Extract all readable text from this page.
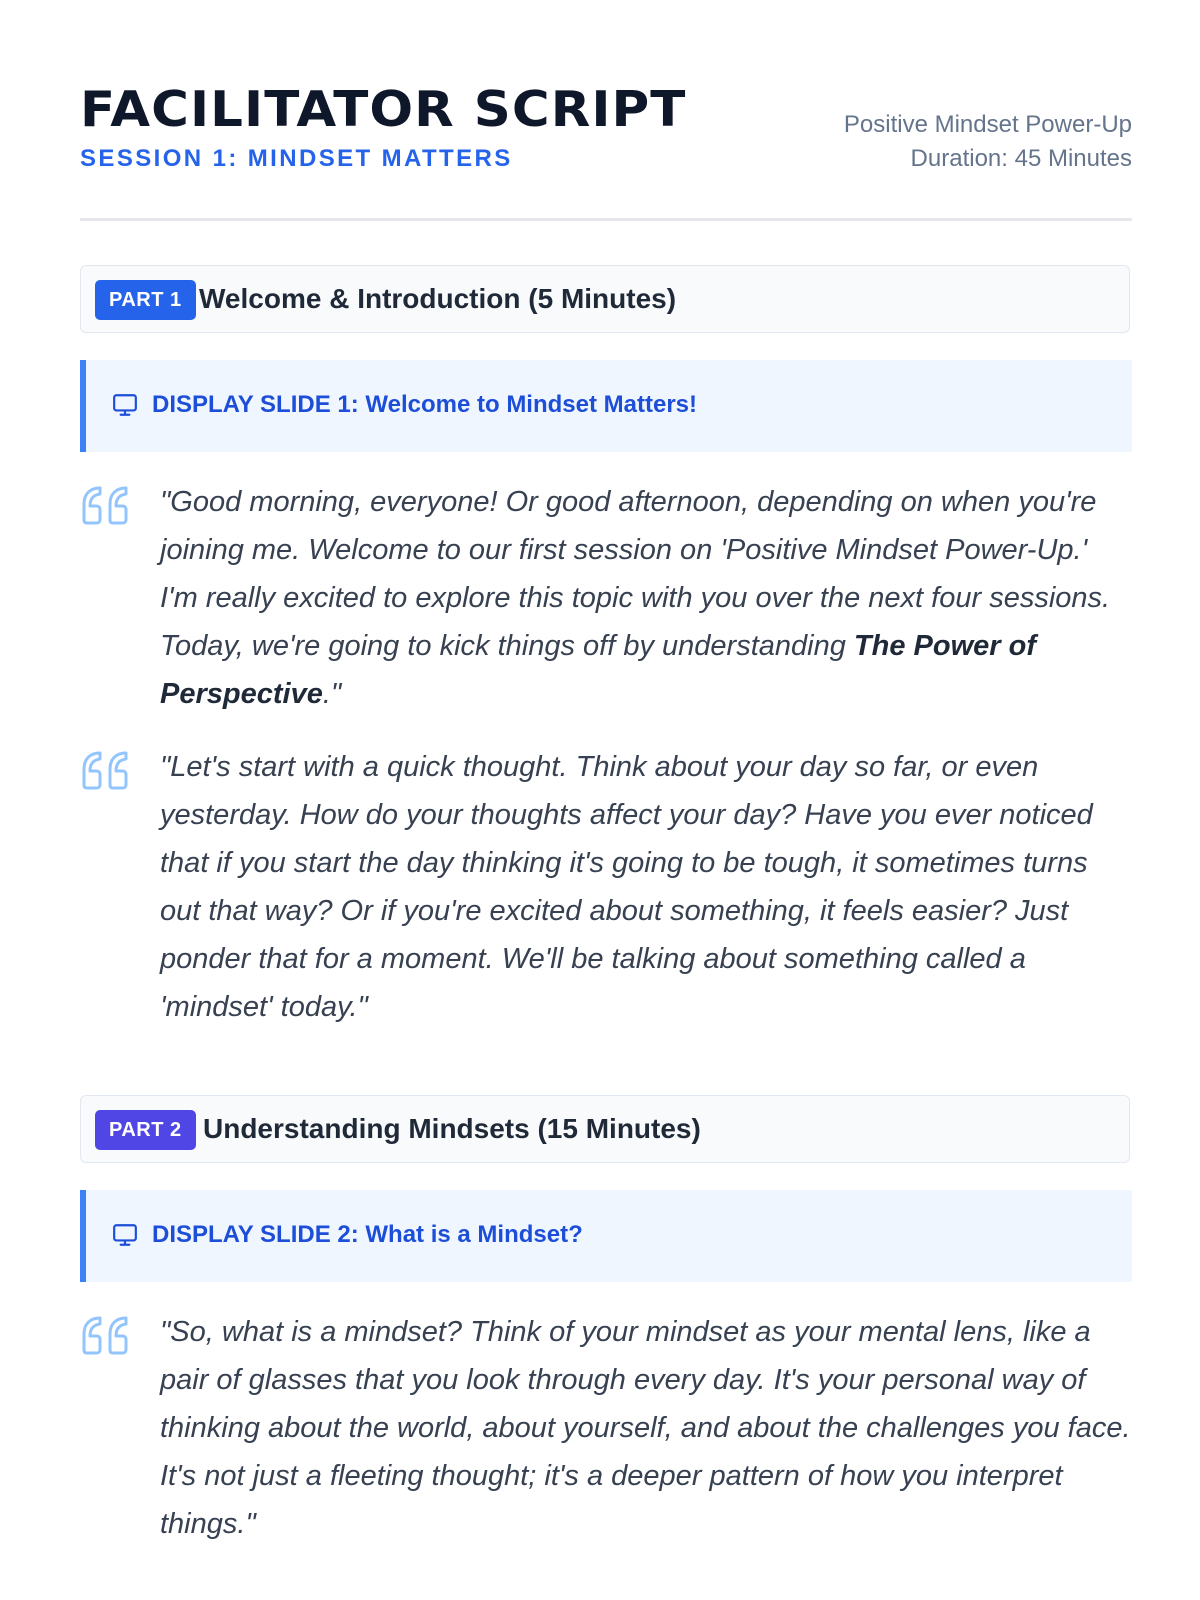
FACILITATOR SCRIPT
SESSION 1: MINDSET MATTERS
Positive Mindset Power-Up
Duration: 45 Minutes
PART 1 Welcome & Introduction (5 Minutes)
DISPLAY SLIDE 1: Welcome to Mindset Matters!

"Good morning, everyone! Or good afternoon, depending on when you're joining me. Welcome to our first session on 'Positive Mindset Power-Up.' I'm really excited to explore this topic with you over the next four sessions. Today, we're going to kick things off by understanding The Power of Perspective."

"Let's start with a quick thought. Think about your day so far, or even yesterday. How do your thoughts affect your day? Have you ever noticed that if you start the day thinking it's going to be tough, it sometimes turns out that way? Or if you're excited about something, it feels easier? Just ponder that for a moment. We'll be talking about something called a 'mindset' today."

PART 2 Understanding Mindsets (15 Minutes)
DISPLAY SLIDE 2: What is a Mindset?

"So, what is a mindset? Think of your mindset as your mental lens, like a pair of glasses that you look through every day. It's your personal way of thinking about the world, about yourself, and about the challenges you face. It's not just a fleeting thought; it's a deeper pattern of how you interpret things."
